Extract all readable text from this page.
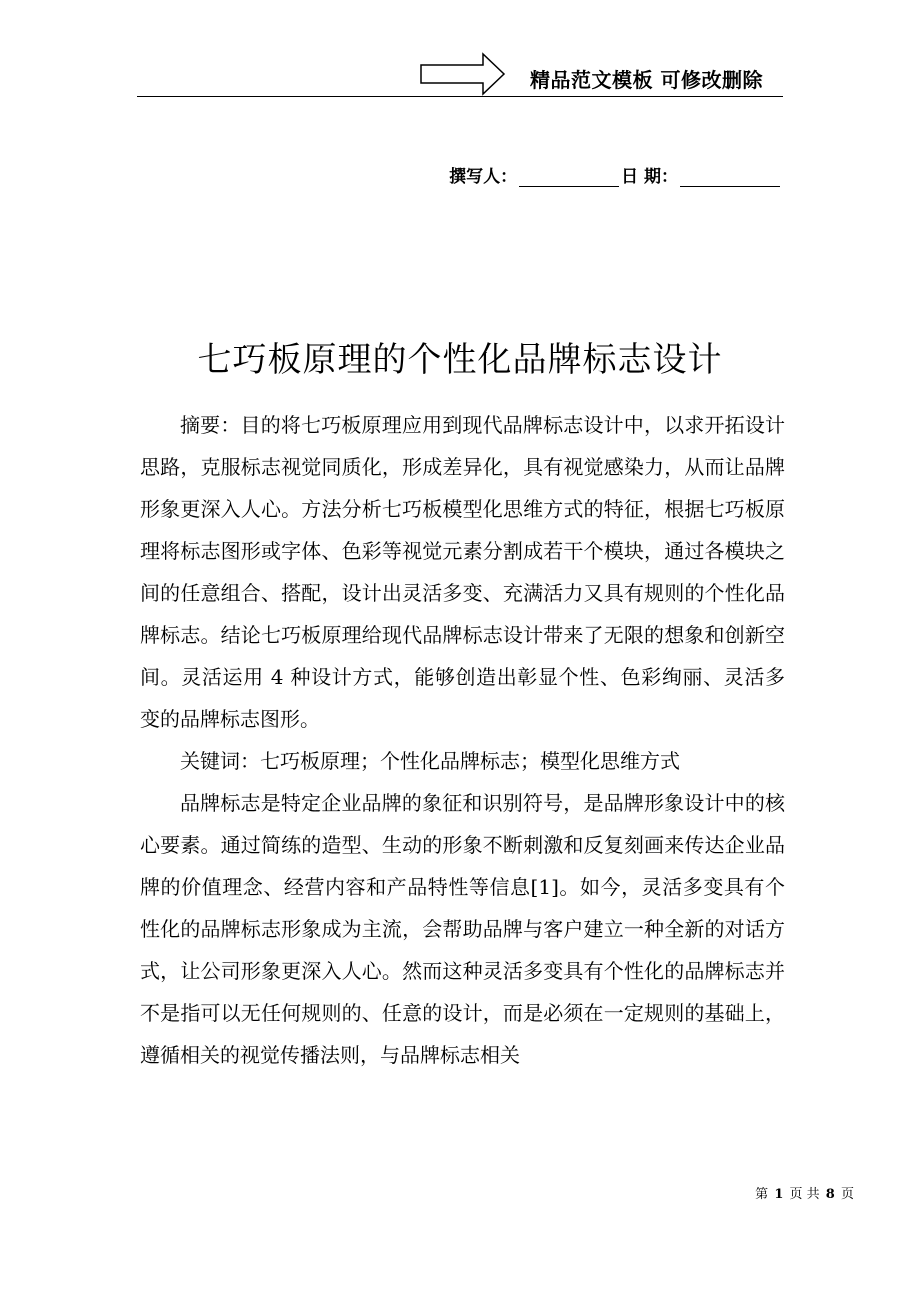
精品范文模板 可修改删除
撰写人：	日 期：
七巧板原理的个性化品牌标志设计

摘要：目的将七巧板原理应用到现代品牌标志设计中，以求开拓设计思路，克服标志视觉同质化，形成差异化，具有视觉感染力，从而让品牌形象更深入人心。方法分析七巧板模型化思维方式的特征，根据七巧板原理将标志图形或字体、色彩等视觉元素分割成若干个模块，通过各模块之间的任意组合、搭配，设计出灵活多变、充满活力又具有规则的个性化品牌标志。结论七巧板原理给现代品牌标志设计带来了无限的想象和创新空间。灵活运用 4 种设计方式，能够创造出彰显个性、色彩绚丽、灵活多变的品牌标志图形。

关键词：七巧板原理；个性化品牌标志；模型化思维方式

品牌标志是特定企业品牌的象征和识别符号，是品牌形象设计中的核心要素。通过简练的造型、生动的形象不断刺激和反复刻画来传达企业品牌的价值理念、经营内容和产品特性等信息[1]。如今，灵活多变具有个性化的品牌标志形象成为主流，会帮助品牌与客户建立一种全新的对话方式，让公司形象更深入人心。然而这种灵活多变具有个性化的品牌标志并不是指可以无任何规则的、任意的设计，而是必须在一定规则的基础上，遵循相关的视觉传播法则，与品牌标志相关

第 1 页 共 8 页
